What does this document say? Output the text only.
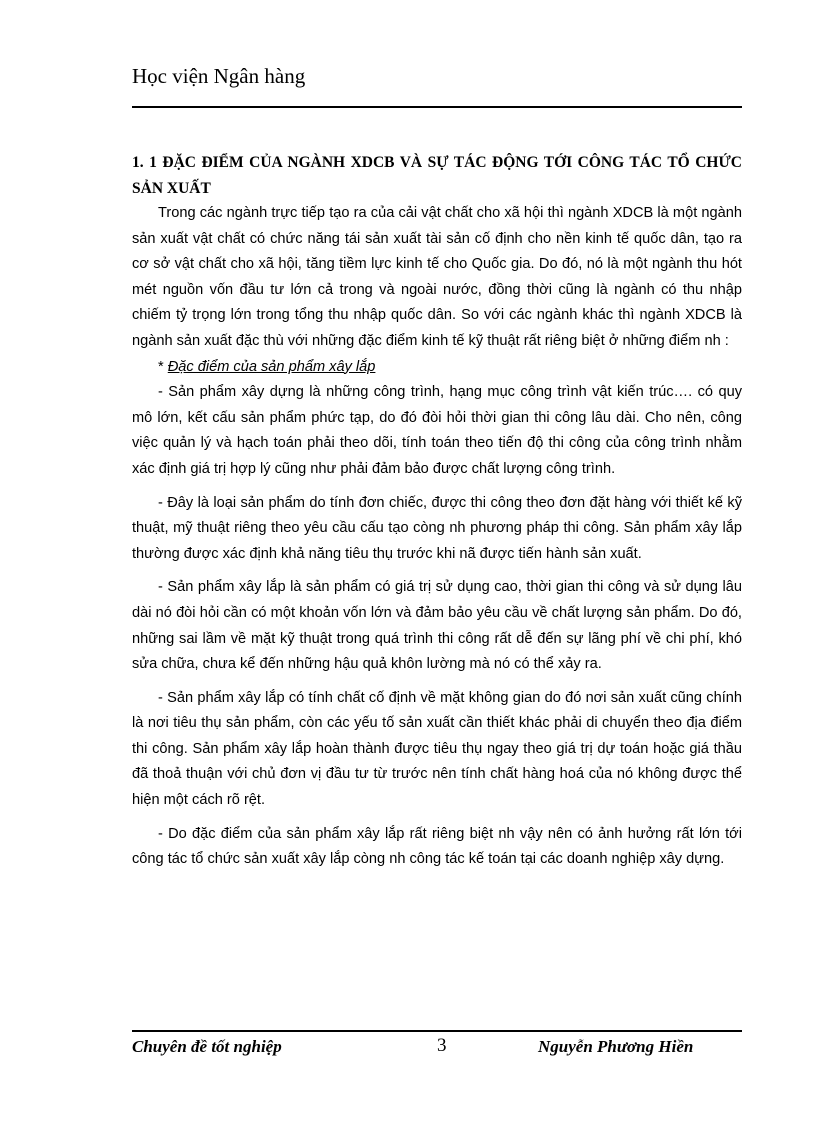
Học viện Ngân hàng
1. 1 ĐẶC ĐIỂM CỦA NGÀNH XDCB VÀ SỰ TÁC ĐỘNG TỚI CÔNG TÁC TỔ CHỨC SẢN XUẤT

Trong các ngành trực tiếp tạo ra của cải vật chất cho xã hội thì ngành XDCB là một ngành sản xuất vật chất có chức năng tái sản xuất tài sản cố định cho nền kinh tế quốc dân, tạo ra cơ sở vật chất cho xã hội, tăng tiềm lực kinh tế cho Quốc gia. Do đó, nó là một ngành thu hót mét nguồn vốn đầu tư lớn cả trong và ngoài nước, đồng thời cũng là ngành có thu nhập chiếm tỷ trọng lớn trong tổng thu nhập quốc dân. So với các ngành khác thì ngành XDCB là ngành sản xuất đặc thù với những đặc điểm kinh tế kỹ thuật rất riêng biệt ở những điểm nh :

* Đặc điểm của sản phẩm xây lắp

- Sản phẩm xây dựng là những công trình, hạng mục công trình vật kiến trúc…. có quy mô lớn, kết cấu sản phẩm phức tạp, do đó đòi hỏi thời gian thi công lâu dài. Cho nên, công việc quản lý và hạch toán phải theo dõi, tính toán theo tiến độ thi công của công trình nhằm xác định giá trị hợp lý cũng như phải đảm bảo được chất lượng công trình.

- Đây là loại sản phẩm do tính đơn chiếc, được thi công theo đơn đặt hàng với thiết kế kỹ thuật, mỹ thuật riêng theo yêu cầu cấu tạo còng nh phương pháp thi công. Sản phẩm xây lắp thường được xác định khả năng tiêu thụ trước khi nã được tiến hành sản xuất.

- Sản phẩm xây lắp là sản phẩm có giá trị sử dụng cao, thời gian thi công và sử dụng lâu dài nó đòi hỏi cần có một khoản vốn lớn và đảm bảo yêu cầu về chất lượng sản phẩm. Do đó, những sai lầm về mặt kỹ thuật trong quá trình thi công rất dễ đến sự lãng phí về chi phí, khó sửa chữa, chưa kể đến những hậu quả khôn lường mà nó có thể xảy ra.

- Sản phẩm xây lắp có tính chất cố định về mặt không gian do đó nơi sản xuất cũng chính là nơi tiêu thụ sản phẩm, còn các yếu tố sản xuất cần thiết khác phải di chuyển theo địa điểm thi công. Sản phẩm xây lắp hoàn thành được tiêu thụ ngay theo giá trị dự toán hoặc giá thầu đã thoả thuận với chủ đơn vị đầu tư từ trước nên tính chất hàng hoá của nó không được thể hiện một cách rõ rệt.

- Do đặc điểm của sản phẩm xây lắp rất riêng biệt nh vậy nên có ảnh hưởng rất lớn tới công tác tổ chức sản xuất xây lắp còng nh công tác kế toán tại các doanh nghiệp xây dựng.

Chuyên đề tốt nghiệp	3	Nguyễn Phương Hiền
